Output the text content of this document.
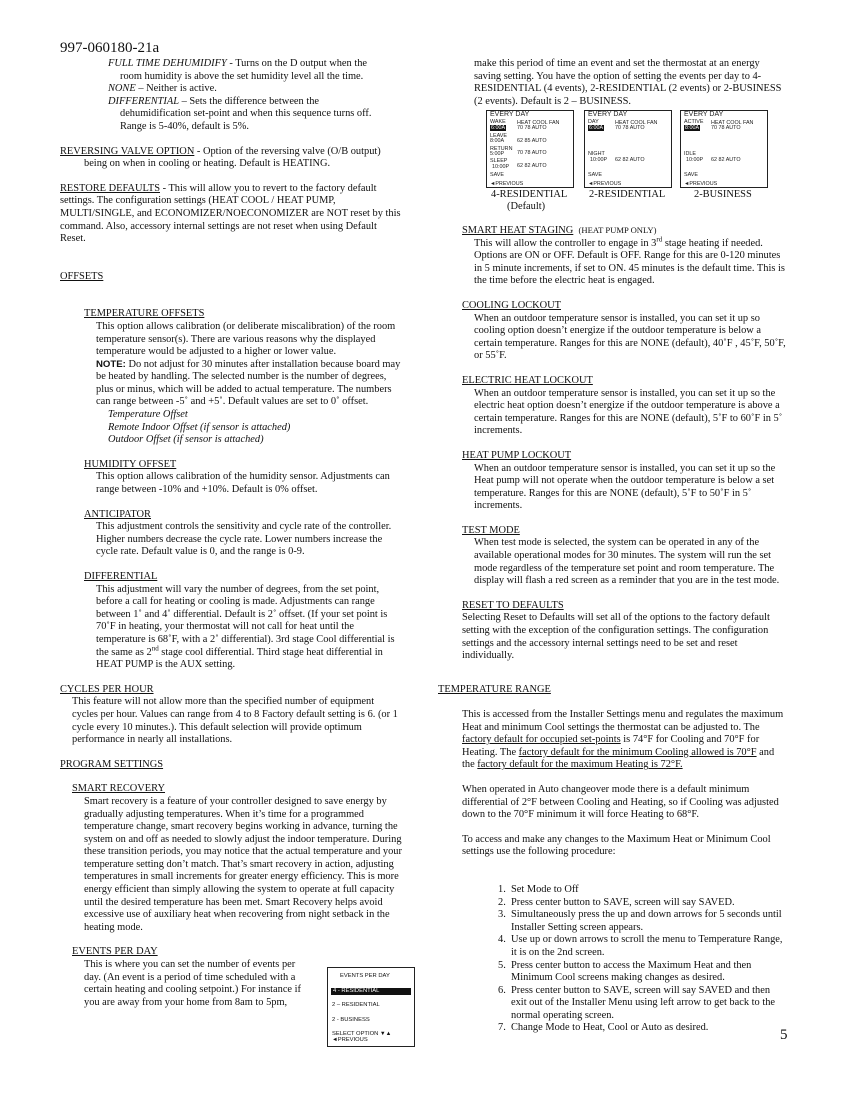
997-060180-21a

FULL TIME DEHUMIDIFY - Turns on the D output when the

room humidity is above the set humidity level all the time.

NONE – Neither is active.

DIFFERENTIAL – Sets the difference between the

dehumidification set-point and when this sequence turns off.

Range is 5-40%, default is 5%.

REVERSING VALVE OPTION - Option of the reversing valve (O/B output)

being on when in cooling or heating. Default is HEATING.

RESTORE DEFAULTS - This will allow you to revert to the factory default settings. The configuration settings (HEAT COOL / HEAT PUMP, MULTI/SINGLE, and ECONOMIZER/NOECONOMIZER are NOT reset by this command. Also, accessory internal settings are not reset when using Default Reset.

OFFSETS

TEMPERATURE OFFSETS

This option allows calibration (or deliberate miscalibration) of the room temperature sensor(s). There are various reasons why the displayed temperature would be adjusted to a higher or lower value.

NOTE: Do not adjust for 30 minutes after installation because board may be heated by handling. The selected number is the number of degrees, plus or minus, which will be added to actual temperature. The numbers can range between -5˚ and +5˚. Default values are set to 0˚ offset.

Temperature Offset

Remote Indoor Offset (if sensor is attached)

Outdoor Offset (if sensor is attached)

HUMIDITY OFFSET

This option allows calibration of the humidity sensor. Adjustments can range between -10% and +10%. Default is 0% offset.

ANTICIPATOR

This adjustment controls the sensitivity and cycle rate of the controller. Higher numbers decrease the cycle rate. Lower numbers increase the cycle rate. Default value is 0, and the range is 0-9.

DIFFERENTIAL

This adjustment will vary the number of degrees, from the set point, before a call for heating or cooling is made. Adjustments can range between 1˚ and 4˚ differential. Default is 2˚ offset. (If your set point is 70˚F in heating, your thermostat will not call for heat until the temperature is 68˚F, with a 2˚ differential). 3rd stage Cool differential is the same as 2nd stage cool differential. Third stage heat differential in HEAT PUMP is the AUX setting.

CYCLES PER HOUR

This feature will not allow more than the specified number of equipment cycles per hour. Values can range from 4 to 8 Factory default setting is 6. (or 1 cycle every 10 minutes.). This default selection will provide optimum performance in nearly all installations.

PROGRAM SETTINGS

SMART RECOVERY

Smart recovery is a feature of your controller designed to save energy by gradually adjusting temperatures. When it’s time for a programmed temperature change, smart recovery begins working in advance, turning the

system on and off as needed to slowly adjust the indoor temperature. During these transition periods, you may notice that the actual temperature and your temperature setting don’t match. That’s smart recovery in action, adjusting temperatures in small increments for greater energy efficiency. This is more energy efficient than simply allowing the system to operate at full capacity until the desired temperature has been met. Smart Recovery helps avoid excessive use of auxiliary heat when recovering from night setback in the heating mode.

EVENTS PER DAY

This is where you can set the number of events per day. (An event is a period of time scheduled with a certain heating and cooling setpoint.) For instance if you are away from your home from 8am to 5pm,

EVENTS PER DAY
4 - RESIDENTIAL
2 – RESIDENTIAL
2 - BUSINESS
SELECT OPTION ▼▲
◄PREVIOUS
make this period of time an event and set the thermostat at an energy saving setting. You have the option of setting the events per day to 4-RESIDENTIAL (4 events), 2-RESIDENTIAL (2 events) or 2-BUSINESS (2 events). Default is 2 – BUSINESS.
EVERY DAY
HEAT COOL FAN
WAKE
6:00A 70 78 AUTO
LEAVE
8:00A 62 85 AUTO
RETURN
5:00P 70 78 AUTO
SLEEP
10:00P 62 82 AUTO
SAVE
◄PREVIOUS
EVERY DAY
DAY	HEAT COOL FAN
6:00A 70 78 AUTO
NIGHT
10:00P 62 82 AUTO
SAVE
◄PREVIOUS
EVERY DAY
ACTIVE HEAT COOL FAN
8:00A 70 78 AUTO
IDLE
10:00P 62 82 AUTO
SAVE
◄PREVIOUS
4-RESIDENTIAL
(Default)
2-RESIDENTIAL	2-BUSINESS

SMART HEAT STAGING (HEAT PUMP ONLY)

This will allow the controller to engage in 3rd stage heating if needed. Options are ON or OFF. Default is OFF. Range for this are 0-120 minutes in 5 minute increments, if set to ON. 45 minutes is the default time. This is the time before the electric heat is engaged.

COOLING LOCKOUT

When an outdoor temperature sensor is installed, you can set it up so cooling option doesn’t energize if the outdoor temperature is below a certain temperature. Ranges for this are NONE (default), 40˚F , 45˚F, 50˚F, or 55˚F.

ELECTRIC HEAT LOCKOUT

When an outdoor temperature sensor is installed, you can set it up so the electric heat option doesn’t energize if the outdoor temperature is above a certain temperature. Ranges for this are NONE (default), 5˚F to 60˚F in 5˚ increments.

HEAT PUMP LOCKOUT

When an outdoor temperature sensor is installed, you can set it up so the Heat pump will not operate when the outdoor temperature is below a set temperature. Ranges for this are NONE (default), 5˚F to 50˚F in 5˚ increments.

TEST MODE

When test mode is selected, the system can be operated in any of the available operational modes for 30 minutes. The system will run the set mode regardless of the temperature set point and room temperature. The display will flash a red screen as a reminder that you are in the test mode.

RESET TO DEFAULTS

Selecting Reset to Defaults will set all of the options to the factory default setting with the exception of the configuration settings. The configuration settings and the accessory internal settings need to be set and reset individually.

TEMPERATURE RANGE

This is accessed from the Installer Settings menu and regulates the maximum Heat and minimum Cool settings the thermostat can be adjusted to. The factory default for occupied set-points is 74°F for Cooling and 70°F for Heating. The factory default for the minimum Cooling allowed is 70°F and the factory default for the maximum Heating is 72°F.

When operated in Auto changeover mode there is a default minimum differential of 2°F between Cooling and Heating, so if Cooling was adjusted down to the 70°F minimum it will force Heating to 68°F.

To access and make any changes to the Maximum Heat or Minimum Cool settings use the following procedure:

1. Set Mode to Off
2. Press center button to SAVE, screen will say SAVED.
3. Simultaneously press the up and down arrows for 5 seconds until Installer Setting screen appears.
4. Use up or down arrows to scroll the menu to Temperature Range, it is on the 2nd screen.
5. Press center button to access the Maximum Heat and then Minimum Cool screens making changes as desired.
6. Press center button to SAVE, screen will say SAVED and then exit out of the Installer Menu using left arrow to get back to the normal operating screen.
7. Change Mode to Heat, Cool or Auto as desired.	5
